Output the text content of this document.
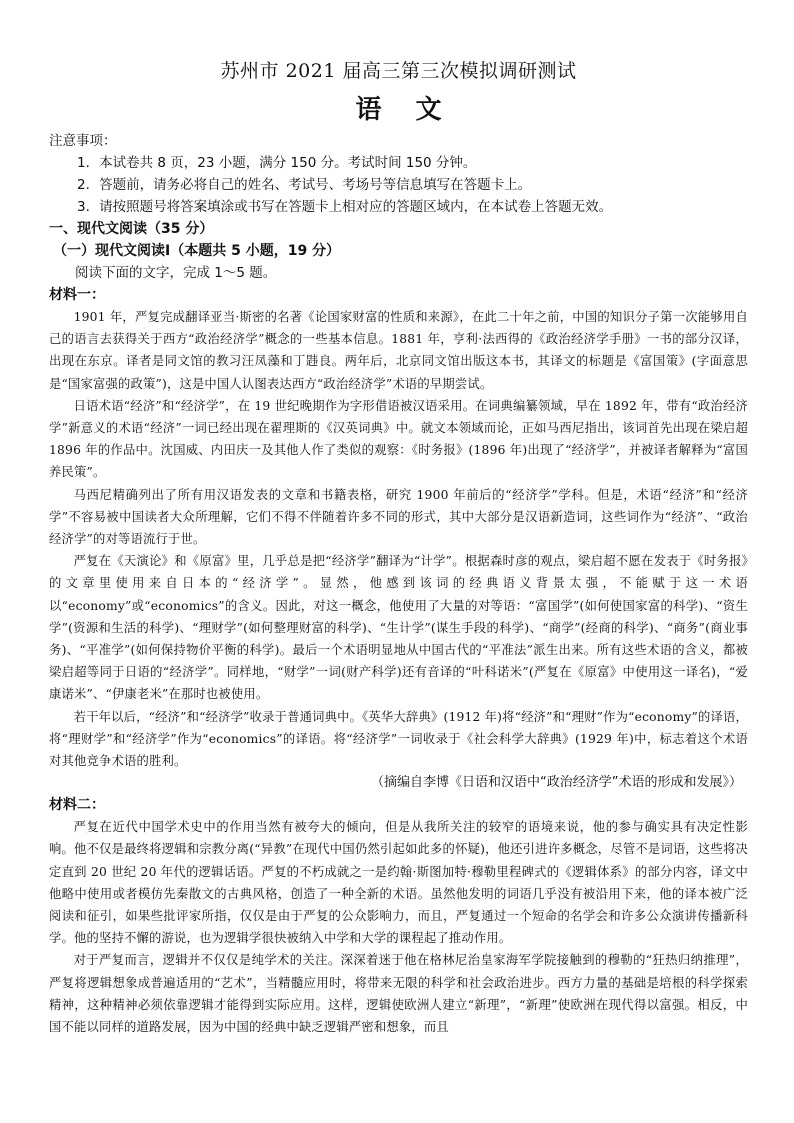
苏州市 2021 届高三第三次模拟调研测试
语文
注意事项：
1．本试卷共 8 页，23 小题，满分 150 分。考试时间 150 分钟。
2．答题前，请务必将自己的姓名、考试号、考场号等信息填写在答题卡上。
3．请按照题号将答案填涂或书写在答题卡上相对应的答题区域内，在本试卷上答题无效。
一、现代文阅读（35 分）
（一）现代文阅读Ⅰ（本题共 5 小题，19 分）
阅读下面的文字，完成 1～5 题。
材料一：

1901 年，严复完成翻译亚当·斯密的名著《论国家财富的性质和来源》，在此二十年之前，中国的知识分子第一次能够用自己的语言去获得关于西方“政治经济学”概念的一些基本信息。1881 年，亨利·法西得的《政治经济学手册》一书的部分汉译，出现在东京。译者是同文馆的教习汪凤藻和丁韪良。两年后，北京同文馆出版这本书，其译文的标题是《富国策》(字面意思是“国家富强的政策”)，这是中国人认图表达西方“政治经济学”术语的早期尝试。

日语术语“经济”和“经济学”，在 19 世纪晚期作为字形借语被汉语采用。在词典编纂领域，早在 1892 年，带有“政治经济学”新意义的术语“经济”一词已经出现在翟理斯的《汉英词典》中。就文本领域而论，正如马西尼指出，该词首先出现在梁启超 1896 年的作品中。沈国威、内田庆一及其他人作了类似的观察：《时务报》(1896 年)出现了“经济学”，并被译者解释为“富国养民策”。

马西尼精确列出了所有用汉语发表的文章和书籍表格，研究 1900 年前后的“经济学”学科。但是，术语“经济”和“经济学”不容易被中国读者大众所理解，它们不得不伴随着许多不同的形式，其中大部分是汉语新造词，这些词作为“经济”、“政治经济学”的对等语流行于世。

严复在《天演论》和《原富》里，几乎总是把“经济学”翻译为“计学”。根据森时彦的观点，梁启超不愿在发表于《时务报》的文章里使用来自日本的“经济学”。显然，他感到该词的经典语义背景太强，不能赋于这一术语以“economy”或“economics”的含义。因此，对这一概念，他使用了大量的对等语：“富国学”(如何使国家富的科学)、“资生学”(资源和生活的科学)、“理财学”(如何整理财富的科学)、“生计学”(谋生手段的科学)、“商学”(经商的科学)、“商务”(商业事务)、“平准学”(如何保持物价平衡的科学)。最后一个术语明显地从中国古代的“平准法”派生出来。所有这些术语的含义，都被梁启超等同于日语的“经济学”。同样地，“财学”一词(财产科学)还有音译的“叶科诺米”(严复在《原富》中使用这一译名)，“爱康诺米”、“伊康老米”在那时也被使用。

若干年以后，“经济”和“经济学”收录于普通词典中。《英华大辞典》(1912 年)将“经济”和“理财”作为“economy”的译语，将“理财学”和“经济学”作为“economics”的译语。将“经济学”一词收录于《社会科学大辞典》(1929 年)中，标志着这个术语对其他竞争术语的胜利。

（摘编自李博《日语和汉语中“政治经济学”术语的形成和发展》）
材料二：

严复在近代中国学术史中的作用当然有被夸大的倾向，但是从我所关注的较窄的语境来说，他的参与确实具有决定性影响。他不仅是最终将逻辑和宗教分离(“异教”在现代中国仍然引起如此多的怀疑)，他还引进许多概念，尽管不是词语，这些将决定直到 20 世纪 20 年代的逻辑话语。严复的不朽成就之一是约翰·斯图加特·穆勒里程碑式的《逻辑体系》的部分内容，译文中他略中使用或者模仿先秦散文的古典风格，创造了一种全新的术语。虽然他发明的词语几乎没有被沿用下来，他的译本被广泛阅读和征引，如果些批评家所指，仅仅是由于严复的公众影响力，而且，严复通过一个短命的名学会和许多公众演讲传播新科学。他的坚持不懈的游说，也为逻辑学很快被纳入中学和大学的课程起了推动作用。

对于严复而言，逻辑并不仅仅是纯学术的关注。深深着迷于他在格林尼治皇家海军学院接触到的穆勒的“狂热归纳推理”，严复将逻辑想象成普遍适用的“艺术”，当精髓应用时，将带来无限的科学和社会政治进步。西方力量的基础是培根的科学探索精神，这种精神必须依靠逻辑才能得到实际应用。这样，逻辑使欧洲人建立“新理”，“新理”使欧洲在现代得以富强。相反，中国不能以同样的道路发展，因为中国的经典中缺乏逻辑严密和想象，而且
